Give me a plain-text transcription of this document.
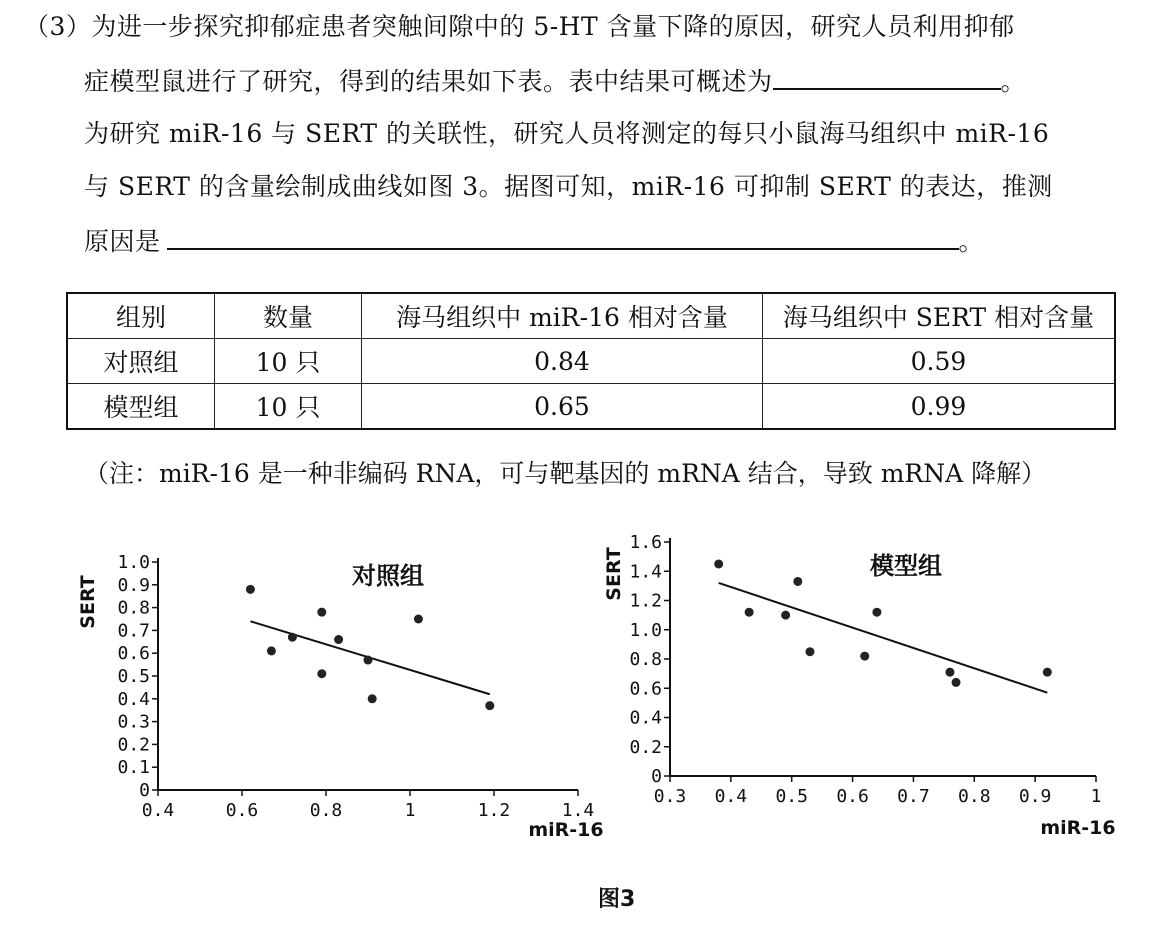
（3）为进一步探究抑郁症患者突触间隙中的 5-HT 含量下降的原因，研究人员利用抑郁
症模型鼠进行了研究，得到的结果如下表。表中结果可概述为	。
为研究 miR-16 与 SERT 的关联性，研究人员将测定的每只小鼠海马组织中 miR-16
与 SERT 的含量绘制成曲线如图 3。据图可知，miR-16 可抑制 SERT 的表达，推测
原因是	。
组别	数量	海马组织中 miR-16 相对含量	海马组织中 SERT 相对含量
对照组	10 只	0.84	0.59
模型组	10 只	0.65	0.99
（注：miR-16 是一种非编码 RNA，可与靶基因的 mRNA 结合，导致 mRNA 降解）
0
0.1
0.2
0.3
0.4
0.5
0.6
0.7
0.8
0.9
1.0
0.4	0.6	0.8	1	1.2	1.4
对照组
SERT
miR-16
0
0.2
0.4
0.6
0.8
1.0
1.2
1.4
1.6
0.3 0.4 0.5 0.6 0.7 0.8 0.9 1
模型组
SERT
miR-16
图3
